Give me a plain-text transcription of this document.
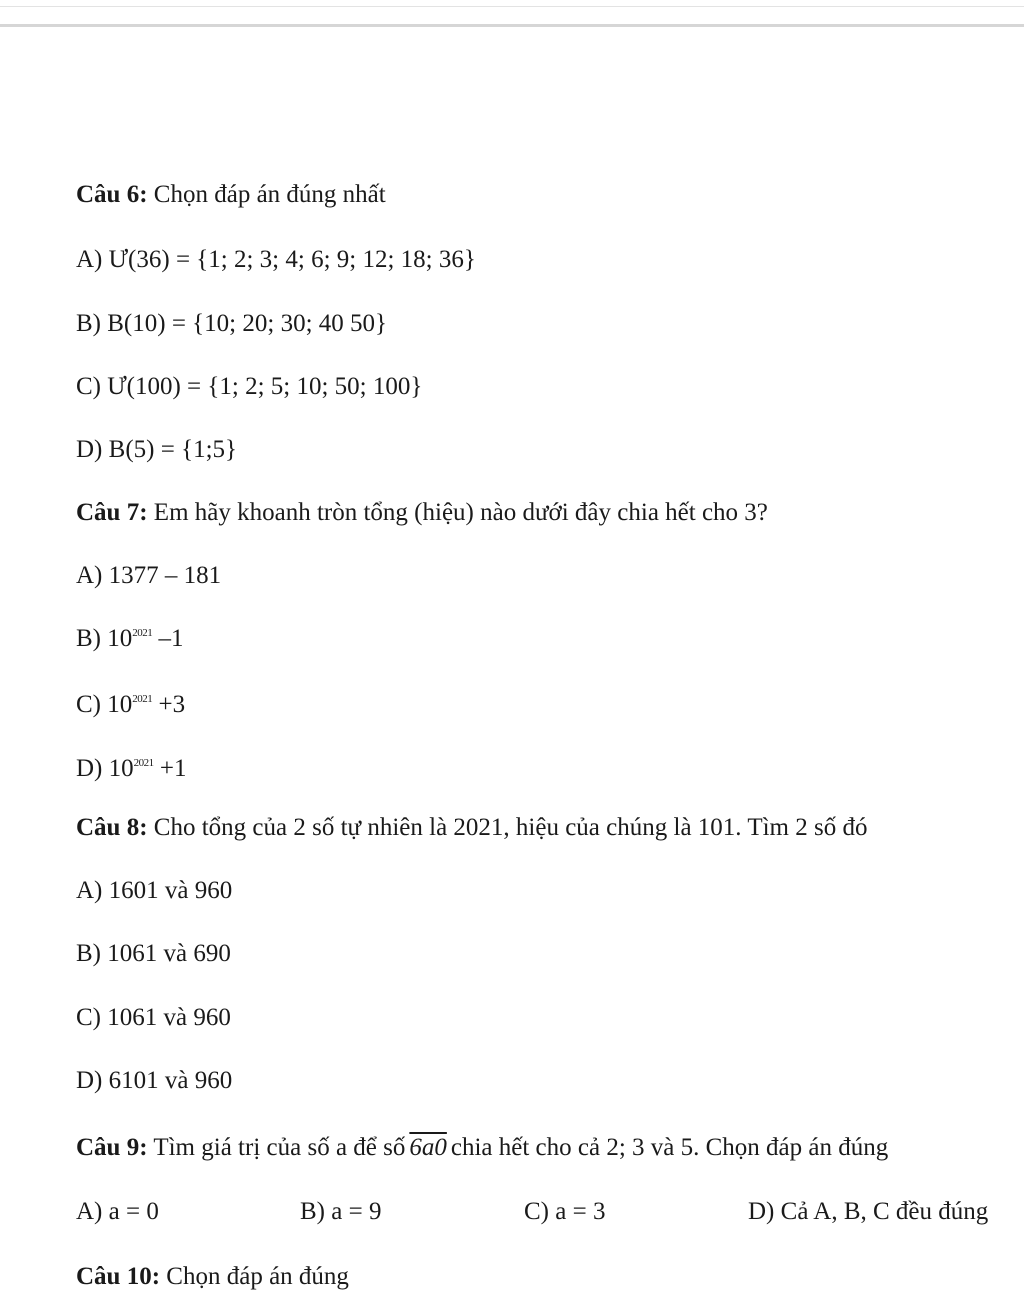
Câu 6: Chọn đáp án đúng nhất
A) Ư(36) = {1; 2; 3; 4; 6; 9; 12; 18; 36}
B) B(10) = {10; 20; 30; 40 50}
C) Ư(100) = {1; 2; 5; 10; 50; 100}
D) B(5) = {1;5}
Câu 7: Em hãy khoanh tròn tổng (hiệu) nào dưới đây chia hết cho 3?
A) 1377 – 181
B) $10^{2021}$ –1
C) $10^{2021} +3$
D) $10^{2021} +1$
Câu 8: Cho tổng của 2 số tự nhiên là 2021, hiệu của chúng là 101. Tìm 2 số đó
A) 1601 và 960
B) 1061 và 690
C) 1061 và 960
D) 6101 và 960
Câu 9: Tìm giá trị của số a để số 6a0 chia hết cho cả 2; 3 và 5. Chọn đáp án đúng
A) a = 0	B) a = 9	C) a = 3	D) Cả A, B, C đều đúng
Câu 10: Chọn đáp án đúng
